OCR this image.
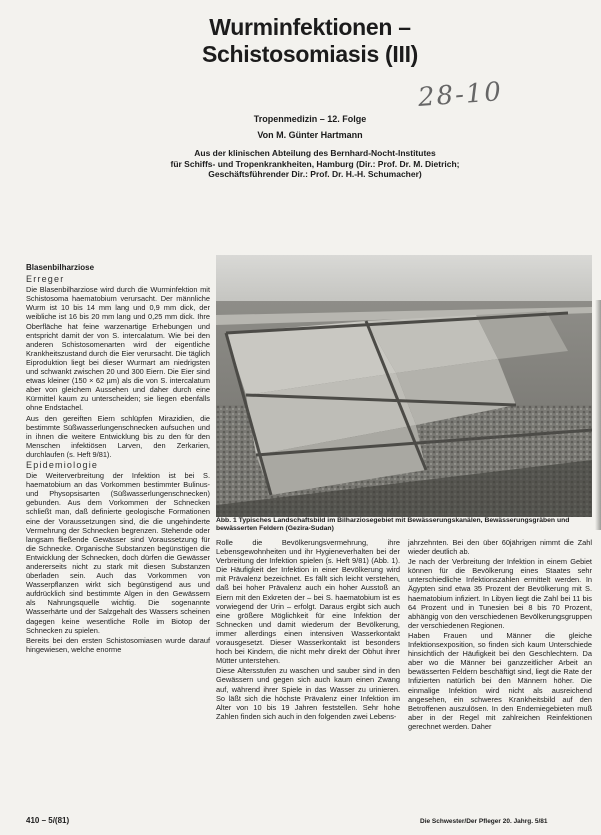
Wurminfektionen –
Schistosomiasis (III)
28-10
Tropenmedizin – 12. Folge
Von M. Günter Hartmann
Aus der klinischen Abteilung des Bernhard-Nocht-Institutes
für Schiffs- und Tropenkrankheiten, Hamburg (Dir.: Prof. Dr. M. Dietrich;
Geschäftsführender Dir.: Prof. Dr. H.-H. Schumacher)

Blasenbilharziose

Erreger

Die Blasenbilharziose wird durch die Wurminfektion mit Schistosoma haematobium verursacht. Der männliche Wurm ist 10 bis 14 mm lang und 0,9 mm dick, der weibliche ist 16 bis 20 mm lang und 0,25 mm dick. Ihre Oberfläche hat feine warzenartige Erhebungen und entspricht damit der von S. intercalatum. Wie bei den anderen Schistosomenarten wird der eigentliche Krankheitszustand durch die Eier verursacht. Die täglich Eiproduktion liegt bei dieser Wurmart am niedrigsten und schwankt zwischen 20 und 300 Eiern. Die Eier sind etwas kleiner (150 × 62 µm) als die von S. intercalatum aber von gleichem Aussehen und daher durch eine Kürmittel kaum zu unterscheiden; sie liegen ebenfalls ohne Endstachel.

Aus den gereiften Eiern schlüpfen Mirazidien, die bestimmte Süßwasserlungenschnecken aufsuchen und in ihnen die weitere Entwicklung bis zu den für den Menschen infektiösen Larven, den Zerkarien, durchlaufen (s. Heft 9/81).

Epidemiologie

Die Weiterverbreitung der Infektion ist bei S. haematobium an das Vorkommen bestimmter Bulinus- und Physopsisarten (Süßwasserlungenschnecken) gebunden. Aus dem Vorkommen der Schnecken schließt man, daß definierte geologische Formationen eine der Voraussetzungen sind, die die ungehinderte Vermehrung der Schnecken begrenzen. Stehende oder langsam fließende Gewässer sind Voraussetzung für die Schnecke. Organische Substanzen begünstigen die Entwicklung der Schnecken, doch dürfen die Gewässer andererseits nicht zu stark mit diesen Substanzen überladen sein. Auch das Vorkommen von Wasserpflanzen wirkt sich begünstigend aus und aufdrücklich sind bestimmte Algen in den Gewässern als Nahrungsquelle wichtig. Die sogenannte Wasserhärte und der Salzgehalt des Wassers scheinen dagegen keine wesentliche Rolle im Biotop der Schnecken zu spielen.

Bereits bei den ersten Schistosomiasen wurde darauf hingewiesen, welche enorme

Abb. 1 Typisches Landschaftsbild im Bilharziosegebiet mit Bewässerungskanälen, Bewässerungsgräben und bewässerten Feldern (Gezira-Sudan)

Rolle die Bevölkerungsvermehrung, ihre Lebensgewohnheiten und ihr Hygieneverhalten bei der Verbreitung der Infektion spielen (s. Heft 9/81) (Abb. 1). Die Häufigkeit der Infektion in einer Bevölkerung wird mit Prävalenz bezeichnet. Es fällt sich leicht verstehen, daß bei hoher Prävalenz auch ein hoher Ausstoß an Eiern mit den Exkreten der – bei S. haematobium ist es vorwiegend der Urin – erfolgt. Daraus ergibt sich auch eine größere Möglichkeit für eine Infektion der Schnecken und damit wiederum der Bevölkerung, immer allerdings einen intensiven Wasserkontakt vorausgesetzt. Dieser Wasserkontakt ist besonders hoch bei Kindern, die nicht mehr direkt der Obhut ihrer Mütter unterstehen.

Diese Altersstufen zu waschen und sauber sind in den Gewässern und gegen sich auch kaum einen Zwang auf, während ihrer Spiele in das Wasser zu urinieren. So läßt sich die höchste Prävalenz einer Infektion im Alter von 10 bis 19 Jahren feststellen. Sehr hohe Zahlen finden sich auch in den folgenden zwei Lebens-

jahrzehnten. Bei den über 60jährigen nimmt die Zahl wieder deutlich ab.

Je nach der Verbreitung der Infektion in einem Gebiet können für die Bevölkerung eines Staates sehr unterschiedliche Infektionszahlen ermittelt werden. In Ägypten sind etwa 35 Prozent der Bevölkerung mit S. haematobium infiziert. In Libyen liegt die Zahl bei 11 bis 64 Prozent und in Tunesien bei 8 bis 70 Prozent, abhängig von den verschiedenen Bevölkerungsgruppen der verschiedenen Regionen.

Haben Frauen und Männer die gleiche Infektionsexposition, so finden sich kaum Unterschiede hinsichtlich der Häufigkeit bei den Geschlechtern. Da aber wo die Männer bei ganzzeitlicher Arbeit an bewässerten Feldern beschäftigt sind, liegt die Rate der Infizierten natürlich bei den Männern höher. Die einmalige Infektion wird nicht als ausreichend angesehen, ein schweres Krankheitsbild auf den Betroffenen auszulösen. In den Endemiegebieten muß aber in der Regel mit zahlreichen Reinfektionen gerechnet werden. Daher

410 – 5/(81)	Die Schwester/Der Pfleger 20. Jahrg. 5/81
